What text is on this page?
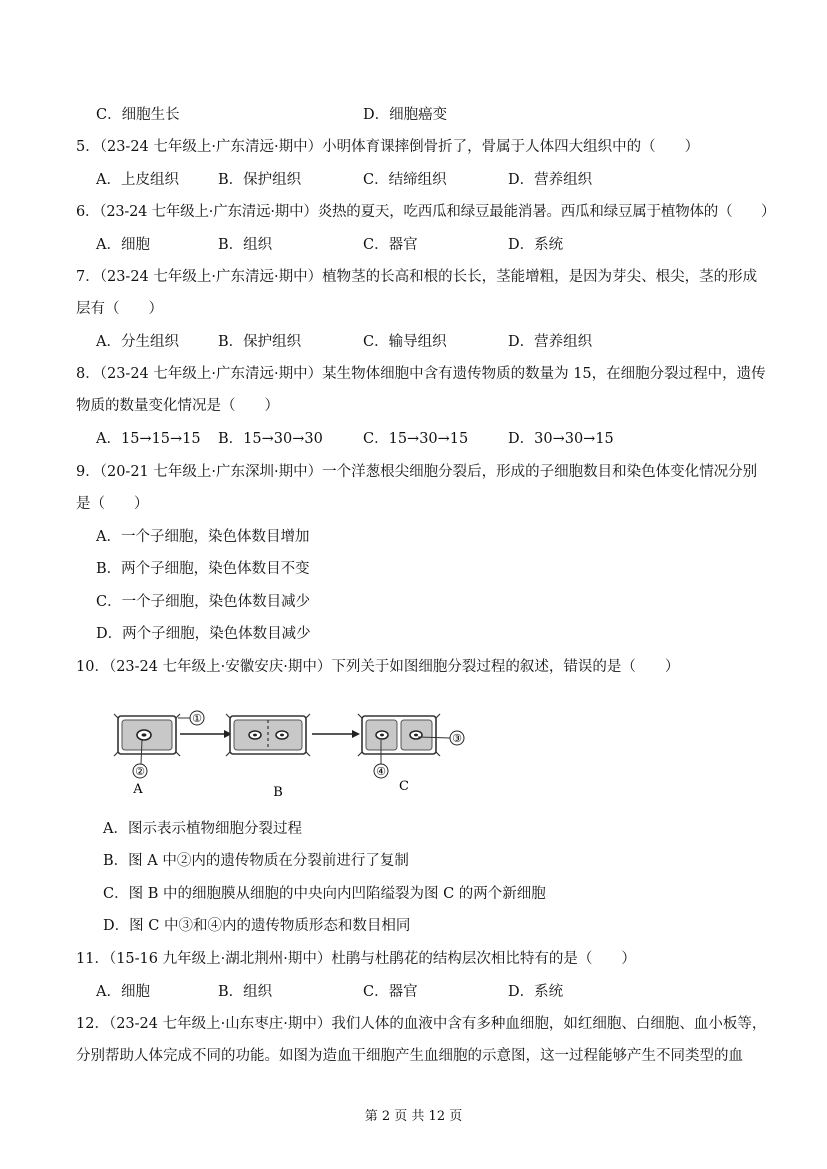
C．细胞生长	D．细胞癌变
5．（23-24 七年级上·广东清远·期中）小明体育课摔倒骨折了，骨属于人体四大组织中的（　　）
A．上皮组织	B．保护组织	C．结缔组织	D．营养组织
6．（23-24 七年级上·广东清远·期中）炎热的夏天，吃西瓜和绿豆最能消暑。西瓜和绿豆属于植物体的（　　）
A．细胞	B．组织	C．器官	D．系统
7．（23-24 七年级上·广东清远·期中）植物茎的长高和根的长长，茎能增粗，是因为芽尖、根尖，茎的形成
层有（　　）
A．分生组织	B．保护组织	C．输导组织	D．营养组织
8．（23-24 七年级上·广东清远·期中）某生物体细胞中含有遗传物质的数量为 15，在细胞分裂过程中，遗传
物质的数量变化情况是（　　）
A．15→15→15 B．15→30→30	C．15→30→15	D．30→30→15
9．（20-21 七年级上·广东深圳·期中）一个洋葱根尖细胞分裂后，形成的子细胞数目和染色体变化情况分别
是（　　）
A．一个子细胞，染色体数目增加
B．两个子细胞，染色体数目不变
C．一个子细胞，染色体数目减少
D．两个子细胞，染色体数目减少
10．（23-24 七年级上·安徽安庆·期中）下列关于如图细胞分裂过程的叙述，错误的是（　　）
①
②
③
④
A	B	C
A．图示表示植物细胞分裂过程
B．图 A 中②内的遗传物质在分裂前进行了复制
C．图 B 中的细胞膜从细胞的中央向内凹陷缢裂为图 C 的两个新细胞
D．图 C 中③和④内的遗传物质形态和数目相同
11．（15-16 九年级上·湖北荆州·期中）杜鹃与杜鹃花的结构层次相比特有的是（　　）
A．细胞	B．组织	C．器官	D．系统
12．（23-24 七年级上·山东枣庄·期中）我们人体的血液中含有多种血细胞，如红细胞、白细胞、血小板等，
分别帮助人体完成不同的功能。如图为造血干细胞产生血细胞的示意图，这一过程能够产生不同类型的血
第 2 页 共 12 页
